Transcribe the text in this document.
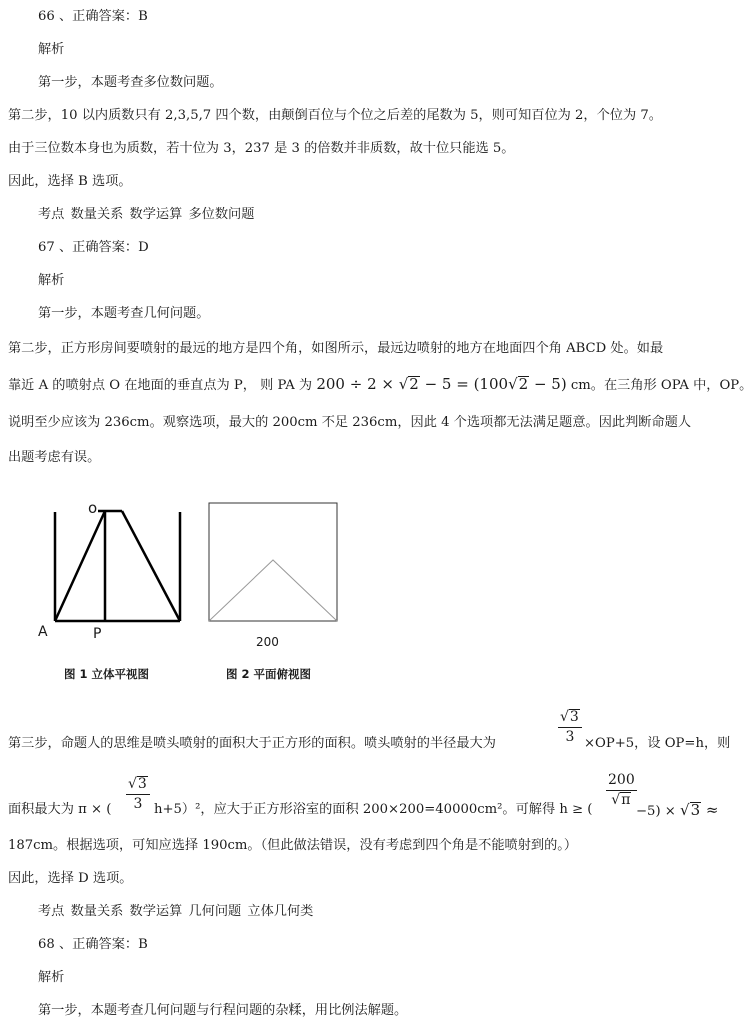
66 、正确答案：B
解析
第一步，本题考查多位数问题。
第二步，10 以内质数只有 2,3,5,7 四个数，由颠倒百位与个位之后差的尾数为 5，则可知百位为 2，个位为 7。
由于三位数本身也为质数，若十位为 3，237 是 3 的倍数并非质数，故十位只能选 5。
因此，选择 B 选项。
考点 数量关系 数学运算 多位数问题
67 、正确答案：D
解析
第一步，本题考查几何问题。
第二步，正方形房间要喷射的最远的地方是四个角，如图所示，最远边喷射的地方在地面四个角 ABCD 处。如最
靠近 A 的喷射点 O 在地面的垂直点为 P， 则 PA 为 200 ÷ 2 × √2 − 5 = (100√2 − 5) cm。在三角形 OPA 中，OP。
说明至少应该为 236cm。观察选项，最大的 200cm 不足 236cm，因此 4 个选项都无法满足题意。因此判断命题人
出题考虑有误。
o
A	P
图 1 立体平视图
200
图 2 平面俯视图
第三步，命题人的思维是喷头喷射的面积大于正方形的面积。喷头喷射的半径最大为	$\frac{√3}{3} \times OP+5$，设 OP=h，则
面积最大为 π × ( $\frac{√3}{3} h+5)^2$，应大于正方形浴室的面积 200×200=40000cm²。可解得 h ≥ (
$\frac{200}{√\pi}$
−5) × √3 ≈
187cm。根据选项，可知应选择 190cm。（但此做法错误，没有考虑到四个角是不能喷射到的。）
因此，选择 D 选项。
考点 数量关系 数学运算 几何问题 立体几何类
68 、正确答案：B
解析
第一步，本题考查几何问题与行程问题的杂糅，用比例法解题。
